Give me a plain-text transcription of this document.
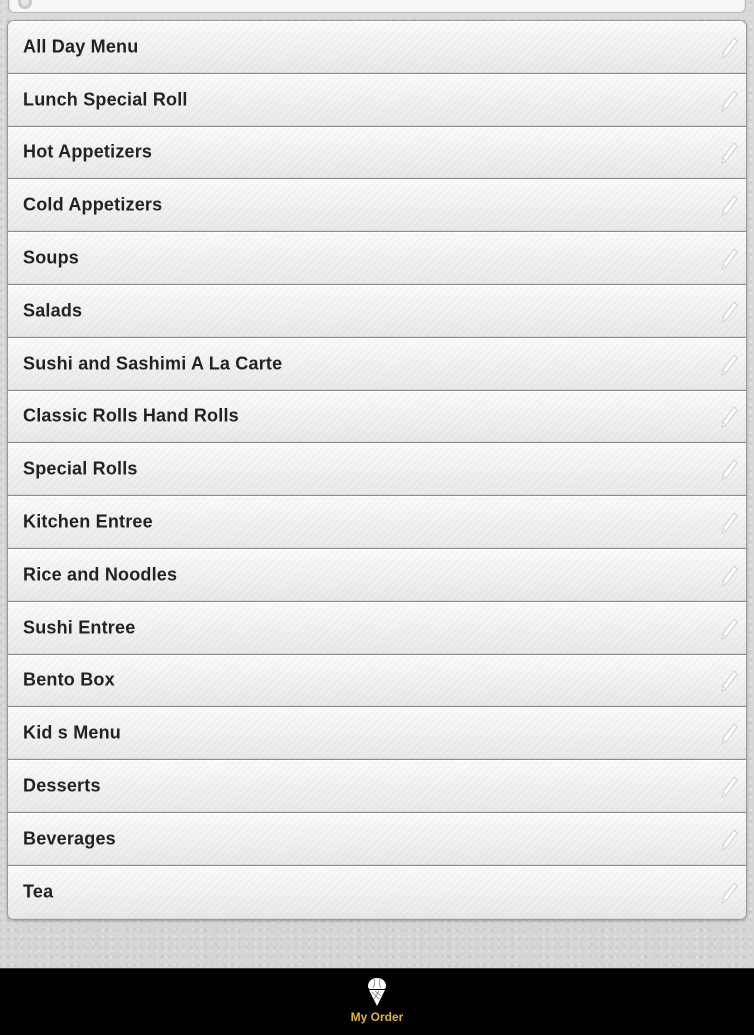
All Day Menu
Lunch Special Roll
Hot Appetizers
Cold Appetizers
Soups
Salads
Sushi and Sashimi A La Carte
Classic Rolls Hand Rolls
Special Rolls
Kitchen Entree
Rice and Noodles
Sushi Entree
Bento Box
Kid s Menu
Desserts
Beverages
Tea
My Order
